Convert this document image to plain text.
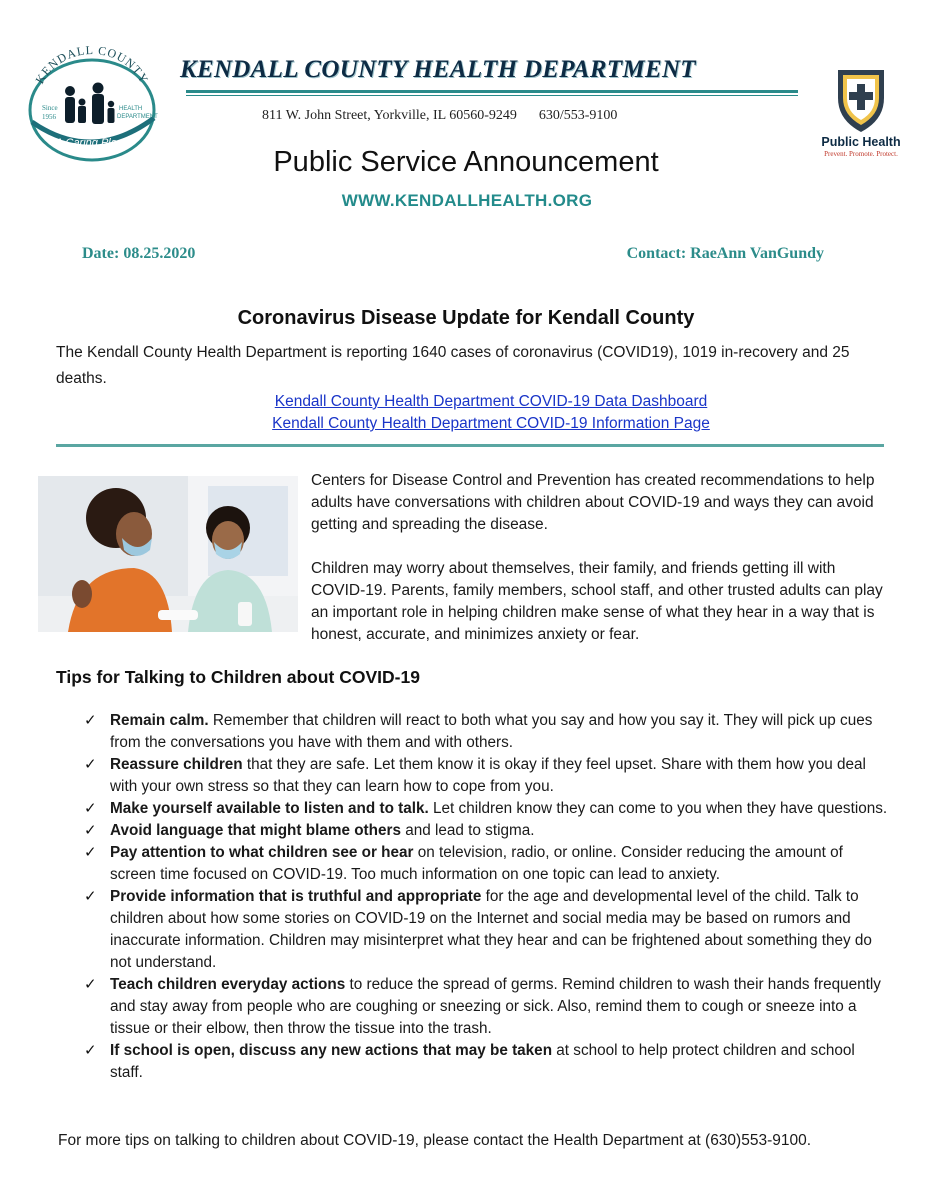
KENDALL COUNTY
Since
1956
HEALTH
DEPARTMENT
A Caring Place
KENDALL COUNTY HEALTH DEPARTMENT
811 W. John Street, Yorkville, IL 60560-9249 630/553-9100
Public Health
Prevent. Promote. Protect.
Public Service Announcement
WWW.KENDALLHEALTH.ORG
Date: 08.25.2020	Contact: RaeAnn VanGundy
Coronavirus Disease Update for Kendall County
The Kendall County Health Department is reporting 1640 cases of coronavirus (COVID19), 1019 in-recovery and 25 deaths.
Kendall County Health Department COVID-19 Data Dashboard
Kendall County Health Department COVID-19 Information Page
Centers for Disease Control and Prevention has created recommendations to help adults have conversations with children about COVID-19 and ways they can avoid getting and spreading the disease.
Children may worry about themselves, their family, and friends getting ill with COVID-19. Parents, family members, school staff, and other trusted adults can play an important role in helping children make sense of what they hear in a way that is honest, accurate, and minimizes anxiety or fear.
Tips for Talking to Children about COVID-19
✓ Remain calm. Remember that children will react to both what you say and how you say it. They will pick up cues from the conversations you have with them and with others.
✓ Reassure children that they are safe. Let them know it is okay if they feel upset. Share with them how you deal with your own stress so that they can learn how to cope from you.
✓ Make yourself available to listen and to talk. Let children know they can come to you when they have questions.
✓ Avoid language that might blame others and lead to stigma.
✓ Pay attention to what children see or hear on television, radio, or online. Consider reducing the amount of screen time focused on COVID-19. Too much information on one topic can lead to anxiety.
✓ Provide information that is truthful and appropriate for the age and developmental level of the child. Talk to children about how some stories on COVID-19 on the Internet and social media may be based on rumors and inaccurate information. Children may misinterpret what they hear and can be frightened about something they do not understand.
✓ Teach children everyday actions to reduce the spread of germs. Remind children to wash their hands frequently and stay away from people who are coughing or sneezing or sick. Also, remind them to cough or sneeze into a tissue or their elbow, then throw the tissue into the trash.
✓ If school is open, discuss any new actions that may be taken at school to help protect children and school staff.
For more tips on talking to children about COVID-19, please contact the Health Department at (630)553-9100.
